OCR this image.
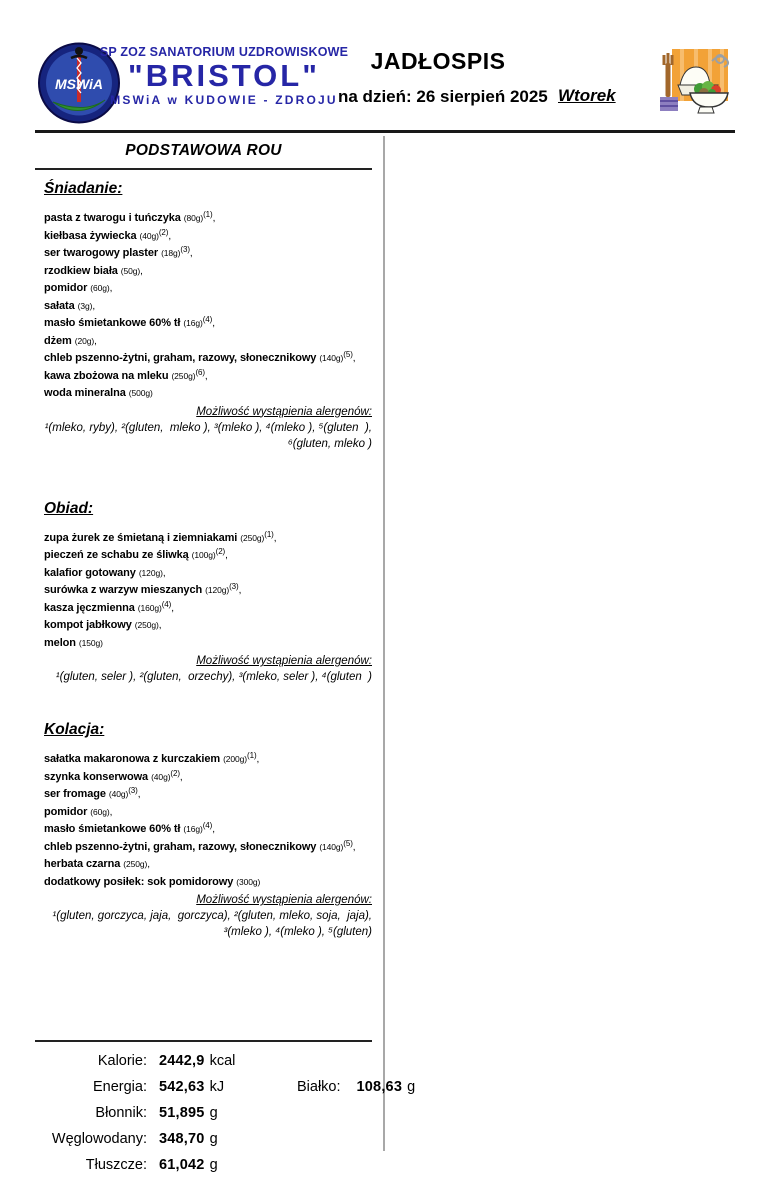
MSWiA
SP ZOZ SANATORIUM UZDROWISKOWE
"BRISTOL"
MSWiA w KUDOWIE - ZDROJU
JADŁOSPIS
na dzień: 26 sierpień 2025 Wtorek
PODSTAWOWA ROU
Śniadanie:
pasta z twarogu i tuńczyka $(80g)^{(1)}$,
kiełbasa żywiecka $(40g)^{(2)}$,
ser twarogowy plaster $(18g)^{(3)}$,
rzodkiew biała (50g),
pomidor (60g),
sałata (3g),
masło śmietankowe 60% tł $(16g)^{(4)}$,
dżem (20g),
chleb pszenno-żytni, graham, razowy, słonecznikowy $(140g)^{(5)}$,
kawa zbożowa na mleku $(250g)^{(6)}$,
woda mineralna (500g)
Możliwość wystąpienia alergenów:
¹(mleko, ryby), ²(gluten,  mleko ), ³(mleko ), ⁴(mleko ), ⁵(gluten  ),
⁶(gluten, mleko )
Obiad:
zupa żurek ze śmietaną i ziemniakami $(250g)^{(1)}$,
pieczeń ze schabu ze śliwką $(100g)^{(2)}$,
kalafior gotowany (120g),
surówka z warzyw mieszanych $(120g)^{(3)}$,
kasza jęczmienna $(160g)^{(4)}$,
kompot jabłkowy (250g),
melon (150g)
Możliwość wystąpienia alergenów:
¹(gluten, seler ), ²(gluten,  orzechy), ³(mleko, seler ), ⁴(gluten  )
Kolacja:
sałatka makaronowa z kurczakiem $(200g)^{(1)}$,
szynka konserwowa $(40g)^{(2)}$,
ser fromage $(40g)^{(3)}$,
pomidor (60g),
masło śmietankowe 60% tł $(16g)^{(4)}$,
chleb pszenno-żytni, graham, razowy, słonecznikowy $(140g)^{(5)}$,
herbata czarna (250g),
dodatkowy posiłek: sok pomidorowy (300g)
Możliwość wystąpienia alergenów:
¹(gluten, gorczyca, jaja,  gorczyca), ²(gluten, mleko, soja,  jaja),
³(mleko ), ⁴(mleko ), ⁵(gluten)
Kalorie: 2442,9 kcal
Energia: 542,63 kJ	Białko: 108,63 g
Błonnik: 51,895 g
Węglowodany: 348,70 g
Tłuszcze: 61,042 g
